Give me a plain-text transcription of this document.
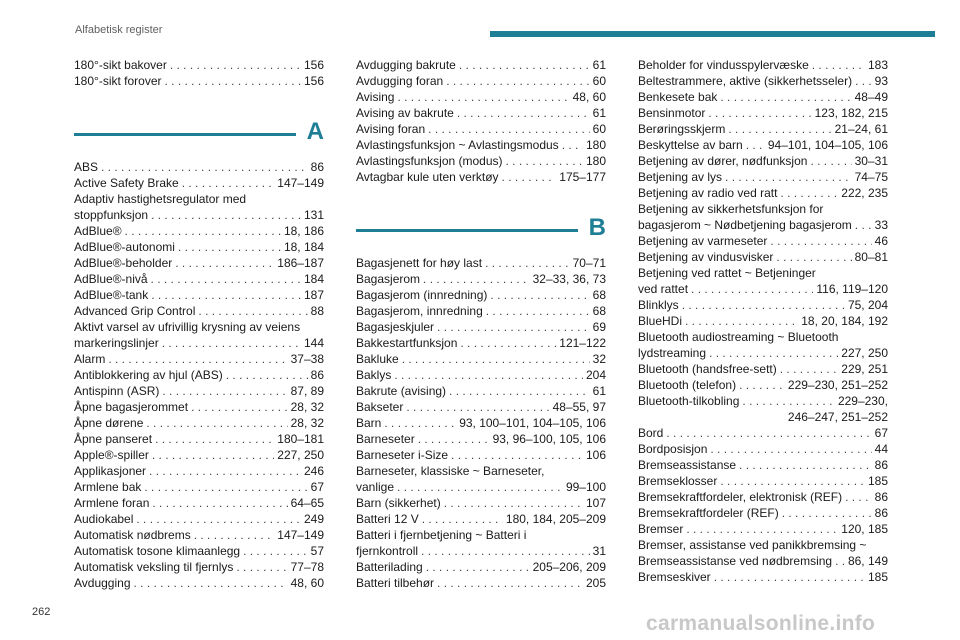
Alfabetisk register
180°-sikt bakover . . .	156
180°-sikt forover . . .	156
A
ABS . . .	86
Active Safety Brake . . .	147–149
Adaptiv hastighetsregulator med
stoppfunksjon . . .	131
AdBlue® . . .	18, 186
AdBlue®-autonomi . . .	18, 184
AdBlue®-beholder . . .	186–187
AdBlue®-nivå . . .	184
AdBlue®-tank . . .	187
Advanced Grip Control . . .	88
Aktivt varsel av ufrivillig krysning av veiens
markeringslinjer . . .	144
Alarm . . .	37–38
Antiblokkering av hjul (ABS) . . .	86
Antispinn (ASR) . . .	87, 89
Åpne bagasjerommet . . .	28, 32
Åpne dørene . . .	28, 32
Åpne panseret . . .	180–181
Apple®-spiller . . .	227, 250
Applikasjoner . . .	246
Armlene bak . . .	67
Armlene foran . . .	64–65
Audiokabel . . .	249
Automatisk nødbrems . . .	147–149
Automatisk tosone klimaanlegg . . .	57
Automatisk veksling til fjernlys . . .	77–78
Avdugging . . .	48, 60
Avdugging bakrute . . .	61
Avdugging foran . . .	60
Avising . . .	48, 60
Avising av bakrute . . .	61
Avising foran . . .	60
Avlastingsfunksjon ~ Avlastingsmodus . . . 180
Avlastingsfunksjon (modus) . . .	180
Avtagbar kule uten verktøy . . .	175–177
B
Bagasjenett for høy last . . .	70–71
Bagasjerom . . .	32–33, 36, 73
Bagasjerom (innredning) . . .	68
Bagasjerom, innredning . . .	68
Bagasjeskjuler . . .	69
Bakkestartfunksjon . . .	121–122
Bakluke . . .	32
Baklys . . .	204
Bakrute (avising) . . .	61
Bakseter . . .	48–55, 97
Barn . . .	93, 100–101, 104–105, 106
Barneseter . . .	93, 96–100, 105, 106
Barneseter i-Size . . .	106
Barneseter, klassiske ~ Barneseter,
vanlige . . .	99–100
Barn (sikkerhet) . . .	107
Batteri 12 V . . .	180, 184, 205–209
Batteri i fjernbetjening ~ Batteri i
fjernkontroll . . .	31
Batterilading . . .	205–206, 209
Batteri tilbehør . . .	205
Beholder for vindusspylervæske . . .	183
Beltestrammere, aktive (sikkerhetsseler) . . . 93
Benkesete bak . . .	48–49
Bensinmotor . . .	123, 182, 215
Berøringsskjerm . . .	21–24, 61
Beskyttelse av barn . . . 94–101, 104–105, 106
Betjening av dører, nødfunksjon . . .	30–31
Betjening av lys . . .	74–75
Betjening av radio ved ratt . . .	222, 235
Betjening av sikkerhetsfunksjon for
bagasjerom ~ Nødbetjening bagasjerom . . . 33
Betjening av varmeseter . . .	46
Betjening av vindusvisker . . .	80–81
Betjening ved rattet ~ Betjeninger
ved rattet . . .	116, 119–120
Blinklys . . .	75, 204
BlueHDi . . .	18, 20, 184, 192
Bluetooth audiostreaming ~ Bluetooth
lydstreaming . . .	227, 250
Bluetooth (handsfree-sett) . . .	229, 251
Bluetooth (telefon) . . .	229–230, 251–252
Bluetooth-tilkobling . . .	229–230,
246–247, 251–252
Bord . . .	67
Bordposisjon . . .	44
Bremseassistanse . . .	86
Bremseklosser . . .	185
Bremsekraftfordeler, elektronisk (REF) . . .	86
Bremsekraftfordeler (REF) . . .	86
Bremser . . .	120, 185
Bremser, assistanse ved panikkbremsing ~
Bremseassistanse ved nødbremsing . . . 86, 149
Bremseskiver . . .	185
262	carmanualsonline.info
